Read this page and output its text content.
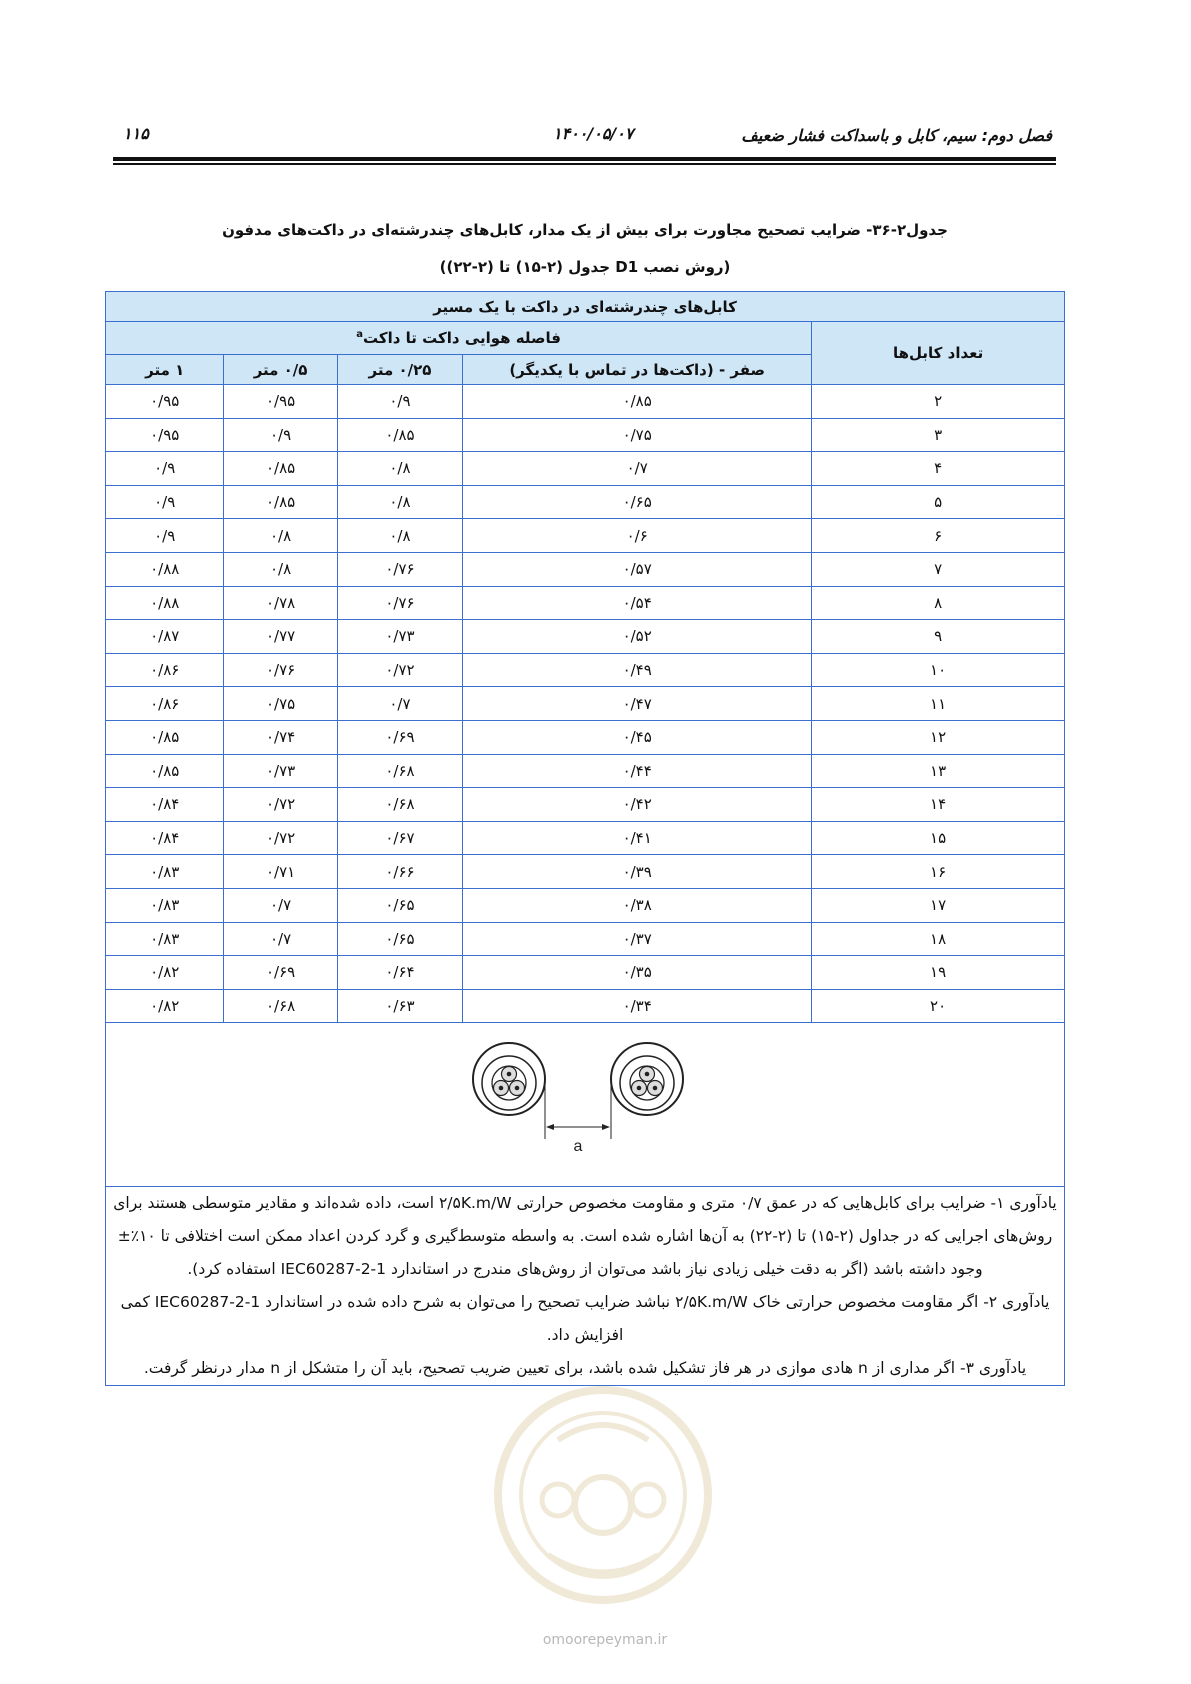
فصل دوم: سیم، کابل و باسداکت فشار ضعیف
۱۴۰۰/۰۵/۰۷
۱۱۵
جدول۲-۳۶- ضرایب تصحیح مجاورت برای بیش از یک مدار، کابل‌های چندرشته‌ای در داکت‌های مدفون
(روش نصب D1 جدول (۲-۱۵) تا (۲-۲۲))
کابل‌های چندرشته‌ای در داکت با یک مسیر				
تعداد کابل‌ها	فاصله هوایی داکت تا داکت$^a$
	صفر - (داکت‌ها در تماس با یکدیگر)	۰/۲۵ متر	۰/۵ متر	۱ متر
۲	۰/۸۵	۰/۹	۰/۹۵	۰/۹۵
۳	۰/۷۵	۰/۸۵	۰/۹	۰/۹۵
۴	۰/۷	۰/۸	۰/۸۵	۰/۹
۵	۰/۶۵	۰/۸	۰/۸۵	۰/۹
۶	۰/۶	۰/۸	۰/۸	۰/۹
۷	۰/۵۷	۰/۷۶	۰/۸	۰/۸۸
۸	۰/۵۴	۰/۷۶	۰/۷۸	۰/۸۸
۹	۰/۵۲	۰/۷۳	۰/۷۷	۰/۸۷
۱۰	۰/۴۹	۰/۷۲	۰/۷۶	۰/۸۶
۱۱	۰/۴۷	۰/۷	۰/۷۵	۰/۸۶
۱۲	۰/۴۵	۰/۶۹	۰/۷۴	۰/۸۵
۱۳	۰/۴۴	۰/۶۸	۰/۷۳	۰/۸۵
۱۴	۰/۴۲	۰/۶۸	۰/۷۲	۰/۸۴
۱۵	۰/۴۱	۰/۶۷	۰/۷۲	۰/۸۴
۱۶	۰/۳۹	۰/۶۶	۰/۷۱	۰/۸۳
۱۷	۰/۳۸	۰/۶۵	۰/۷	۰/۸۳
۱۸	۰/۳۷	۰/۶۵	۰/۷	۰/۸۳
۱۹	۰/۳۵	۰/۶۴	۰/۶۹	۰/۸۲
۲۰	۰/۳۴	۰/۶۳	۰/۶۸	۰/۸۲

a				

یادآوری ۱- ضرایب برای کابل‌هایی که در عمق ۰/۷ متری و مقاومت مخصوص حرارتی ۲/۵K.m/W است، داده شده‌اند و مقادیر متوسطی هستند برای روش‌های اجرایی که در جداول (۲-۱۵) تا (۲-۲۲) به آن‌ها اشاره شده است. به واسطه متوسط‌گیری و گرد کردن اعداد ممکن است اختلافی تا ۱۰٪± وجود داشته باشد (اگر به دقت خیلی زیادی نیاز باشد می‌توان از روش‌های مندرج در استاندارد IEC60287-2-1 استفاده کرد).

یادآوری ۲- اگر مقاومت مخصوص حرارتی خاک ۲/۵K.m/W نباشد ضرایب تصحیح را می‌توان به شرح داده شده در استاندارد IEC60287-2-1 کمی افزایش داد.

یادآوری ۳- اگر مداری از n هادی موازی در هر فاز تشکیل شده باشد، برای تعیین ضریب تصحیح، باید آن را متشکل از n مدار درنظر گرفت.				

omoorepeyman.ir
